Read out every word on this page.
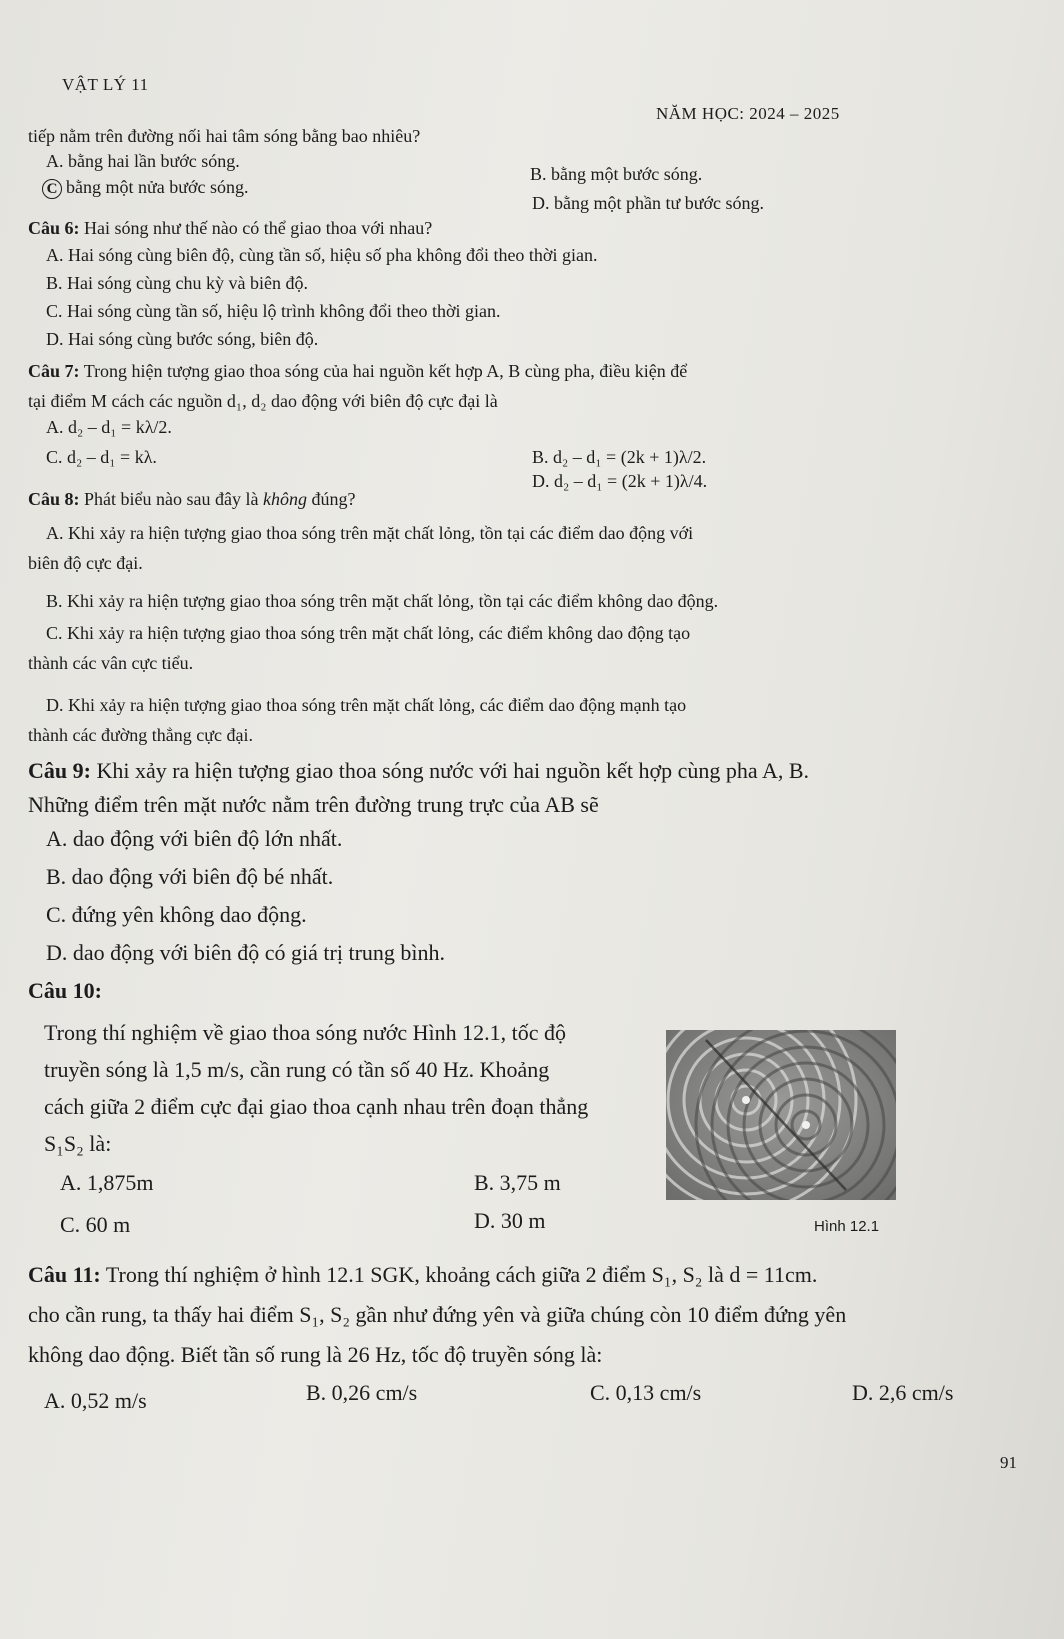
VẬT LÝ 11
NĂM HỌC: 2024 – 2025
tiếp nằm trên đường nối hai tâm sóng bằng bao nhiêu?
A. bằng hai lần bước sóng.
B. bằng một bước sóng.
C bằng một nửa bước sóng.
D. bằng một phần tư bước sóng.
Câu 6: Hai sóng như thế nào có thể giao thoa với nhau?
A. Hai sóng cùng biên độ, cùng tần số, hiệu số pha không đổi theo thời gian.
B. Hai sóng cùng chu kỳ và biên độ.
C. Hai sóng cùng tần số, hiệu lộ trình không đổi theo thời gian.
D. Hai sóng cùng bước sóng, biên độ.
Câu 7: Trong hiện tượng giao thoa sóng của hai nguồn kết hợp A, B cùng pha, điều kiện để
tại điểm M cách các nguồn d₁, d₂ dao động với biên độ cực đại là
A. d₂ – d₁ = kλ/2.
C. d₂ – d₁ = kλ.	B. d₂ – d₁ = (2k + 1)λ/2.
D. d₂ – d₁ = (2k + 1)λ/4.
Câu 8: Phát biểu nào sau đây là không đúng?
A. Khi xảy ra hiện tượng giao thoa sóng trên mặt chất lỏng, tồn tại các điểm dao động với
biên độ cực đại.
B. Khi xảy ra hiện tượng giao thoa sóng trên mặt chất lỏng, tồn tại các điểm không dao động.
C. Khi xảy ra hiện tượng giao thoa sóng trên mặt chất lỏng, các điểm không dao động tạo
thành các vân cực tiểu.
D. Khi xảy ra hiện tượng giao thoa sóng trên mặt chất lỏng, các điểm dao động mạnh tạo
thành các đường thẳng cực đại.
Câu 9: Khi xảy ra hiện tượng giao thoa sóng nước với hai nguồn kết hợp cùng pha A, B.
Những điểm trên mặt nước nằm trên đường trung trực của AB sẽ
A. dao động với biên độ lớn nhất.
B. dao động với biên độ bé nhất.
C. đứng yên không dao động.
D. dao động với biên độ có giá trị trung bình.
Câu 10:
Trong thí nghiệm về giao thoa sóng nước Hình 12.1, tốc độ
truyền sóng là 1,5 m/s, cần rung có tần số 40 Hz. Khoảng
cách giữa 2 điểm cực đại giao thoa cạnh nhau trên đoạn thẳng
S₁S₂ là:
A. 1,875m	B. 3,75 m
C. 60 m	D. 30 m	Hình 12.1
Câu 11: Trong thí nghiệm ở hình 12.1 SGK, khoảng cách giữa 2 điểm S₁, S₂ là d = 11cm.
cho cần rung, ta thấy hai điểm S₁, S₂ gần như đứng yên và giữa chúng còn 10 điểm đứng yên
không dao động. Biết tần số rung là 26 Hz, tốc độ truyền sóng là:
A. 0,52 m/s	B. 0,26 cm/s	C. 0,13 cm/s	D. 2,6 cm/s
91
